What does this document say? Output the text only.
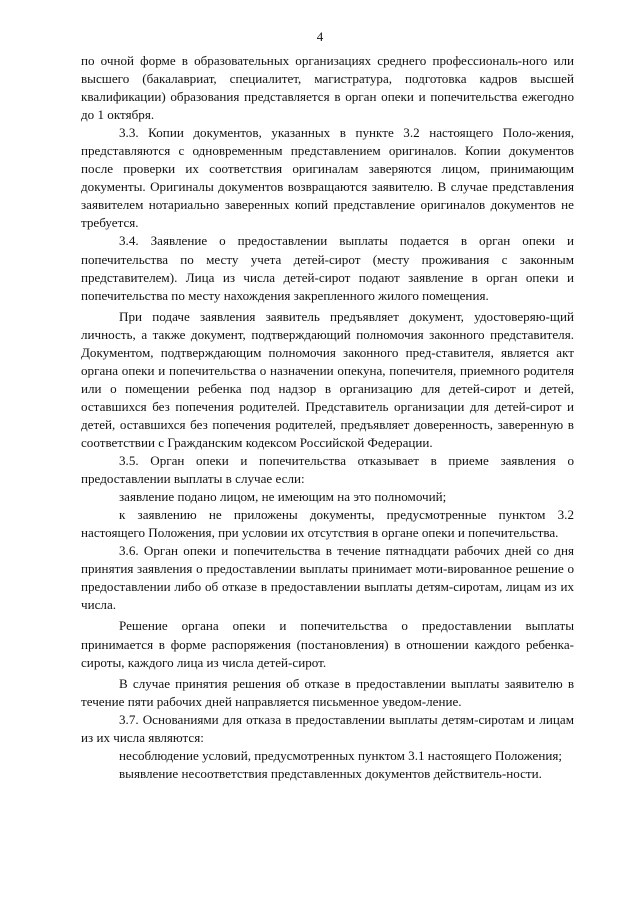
4

по очной форме в образовательных организациях среднего профессиональ-ного или высшего (бакалавриат, специалитет, магистратура, подготовка кадров высшей квалификации) образования представляется в орган опеки и попечительства ежегодно до 1 октября.

3.3. Копии документов, указанных в пункте 3.2 настоящего Поло-жения, представляются с одновременным представлением оригиналов. Копии документов после проверки их соответствия оригиналам заверяются лицом, принимающим документы. Оригиналы документов возвращаются заявителю. В случае представления заявителем нотариально заверенных копий представление оригиналов документов не требуется.

3.4. Заявление о предоставлении выплаты подается в орган опеки и попечительства по месту учета детей-сирот (месту проживания с законным представителем). Лица из числа детей-сирот подают заявление в орган опеки и попечительства по месту нахождения закрепленного жилого помещения.

При подаче заявления заявитель предъявляет документ, удостоверяю-щий личность, а также документ, подтверждающий полномочия законного представителя. Документом, подтверждающим полномочия законного пред-ставителя, является акт органа опеки и попечительства о назначении опекуна, попечителя, приемного родителя или о помещении ребенка под надзор в организацию для детей-сирот и детей, оставшихся без попечения родителей. Представитель организации для детей-сирот и детей, оставшихся без попечения родителей, предъявляет доверенность, заверенную в соответствии с Гражданским кодексом Российской Федерации.

3.5. Орган опеки и попечительства отказывает в приеме заявления о предоставлении выплаты в случае если:

заявление подано лицом, не имеющим на это полномочий;

к заявлению не приложены документы, предусмотренные пунктом 3.2 настоящего Положения, при условии их отсутствия в органе опеки и попечительства.

3.6. Орган опеки и попечительства в течение пятнадцати рабочих дней со дня принятия заявления о предоставлении выплаты принимает моти-вированное решение о предоставлении либо об отказе в предоставлении выплаты детям-сиротам, лицам из их числа.

Решение органа опеки и попечительства о предоставлении выплаты принимается в форме распоряжения (постановления) в отношении каждого ребенка-сироты, каждого лица из числа детей-сирот.

В случае принятия решения об отказе в предоставлении выплаты заявителю в течение пяти рабочих дней направляется письменное уведом-ление.

3.7. Основаниями для отказа в предоставлении выплаты детям-сиротам и лицам из их числа являются:

несоблюдение условий, предусмотренных пунктом 3.1 настоящего Положения;

выявление несоответствия представленных документов действитель-ности.
